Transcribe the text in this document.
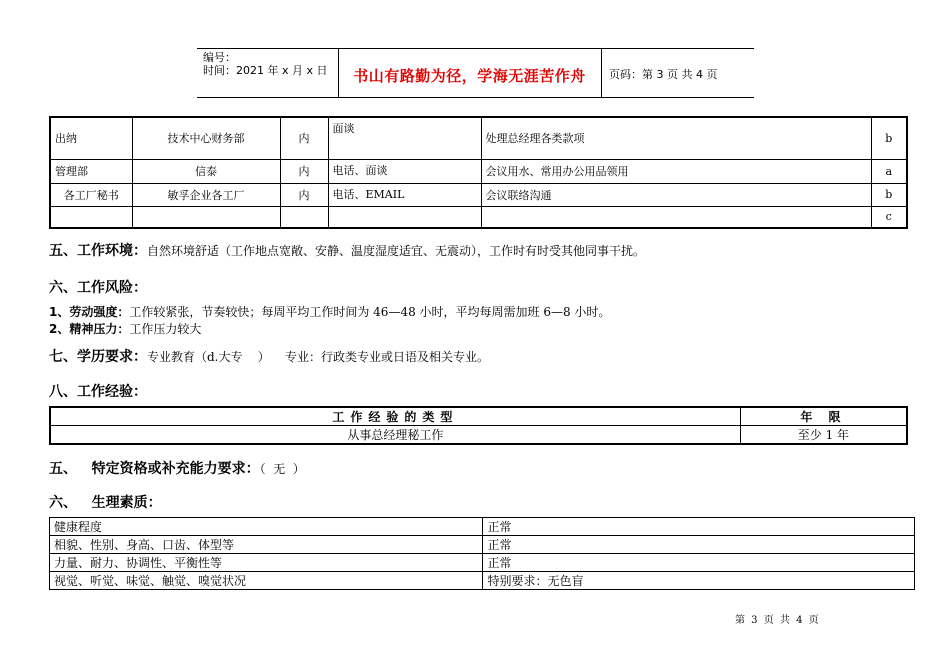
编号：
时间：2021 年 x 月 x 日	书山有路勤为径，学海无涯苦作舟	页码：第 3 页 共 4 页
出纳	技术中心财务部	内	面谈	处理总经理各类款项	b
管理部	信泰	内	电话、面谈	会议用水、常用办公用品领用	a
各工厂秘书	敏孚企业各工厂	内	电话、EMAIL	会议联络沟通	b
					c
五、工作环境：自然环境舒适（工作地点宽敞、安静、温度湿度适宜、无震动），工作时有时受其他同事干扰。
六、工作风险：
1、劳动强度：工作较紧张，节奏较快；每周平均工作时间为 46—48 小时，平均每周需加班 6—8 小时。
2、精神压力：工作压力较大
七、学历要求：专业教育（d.大专    ）    专业：行政类专业或日语及相关专业。
八、工作经验：
工作经验的类型	年 限
从事总经理秘工作	至少 1 年
五、   特定资格或补充能力要求：（  无  ）
六、   生理素质：
健康程度	正常
相貌、性别、身高、口齿、体型等	正常
力量、耐力、协调性、平衡性等	正常
视觉、听觉、味觉、触觉、嗅觉状况	特别要求：无色盲
第 3 页 共 4 页
